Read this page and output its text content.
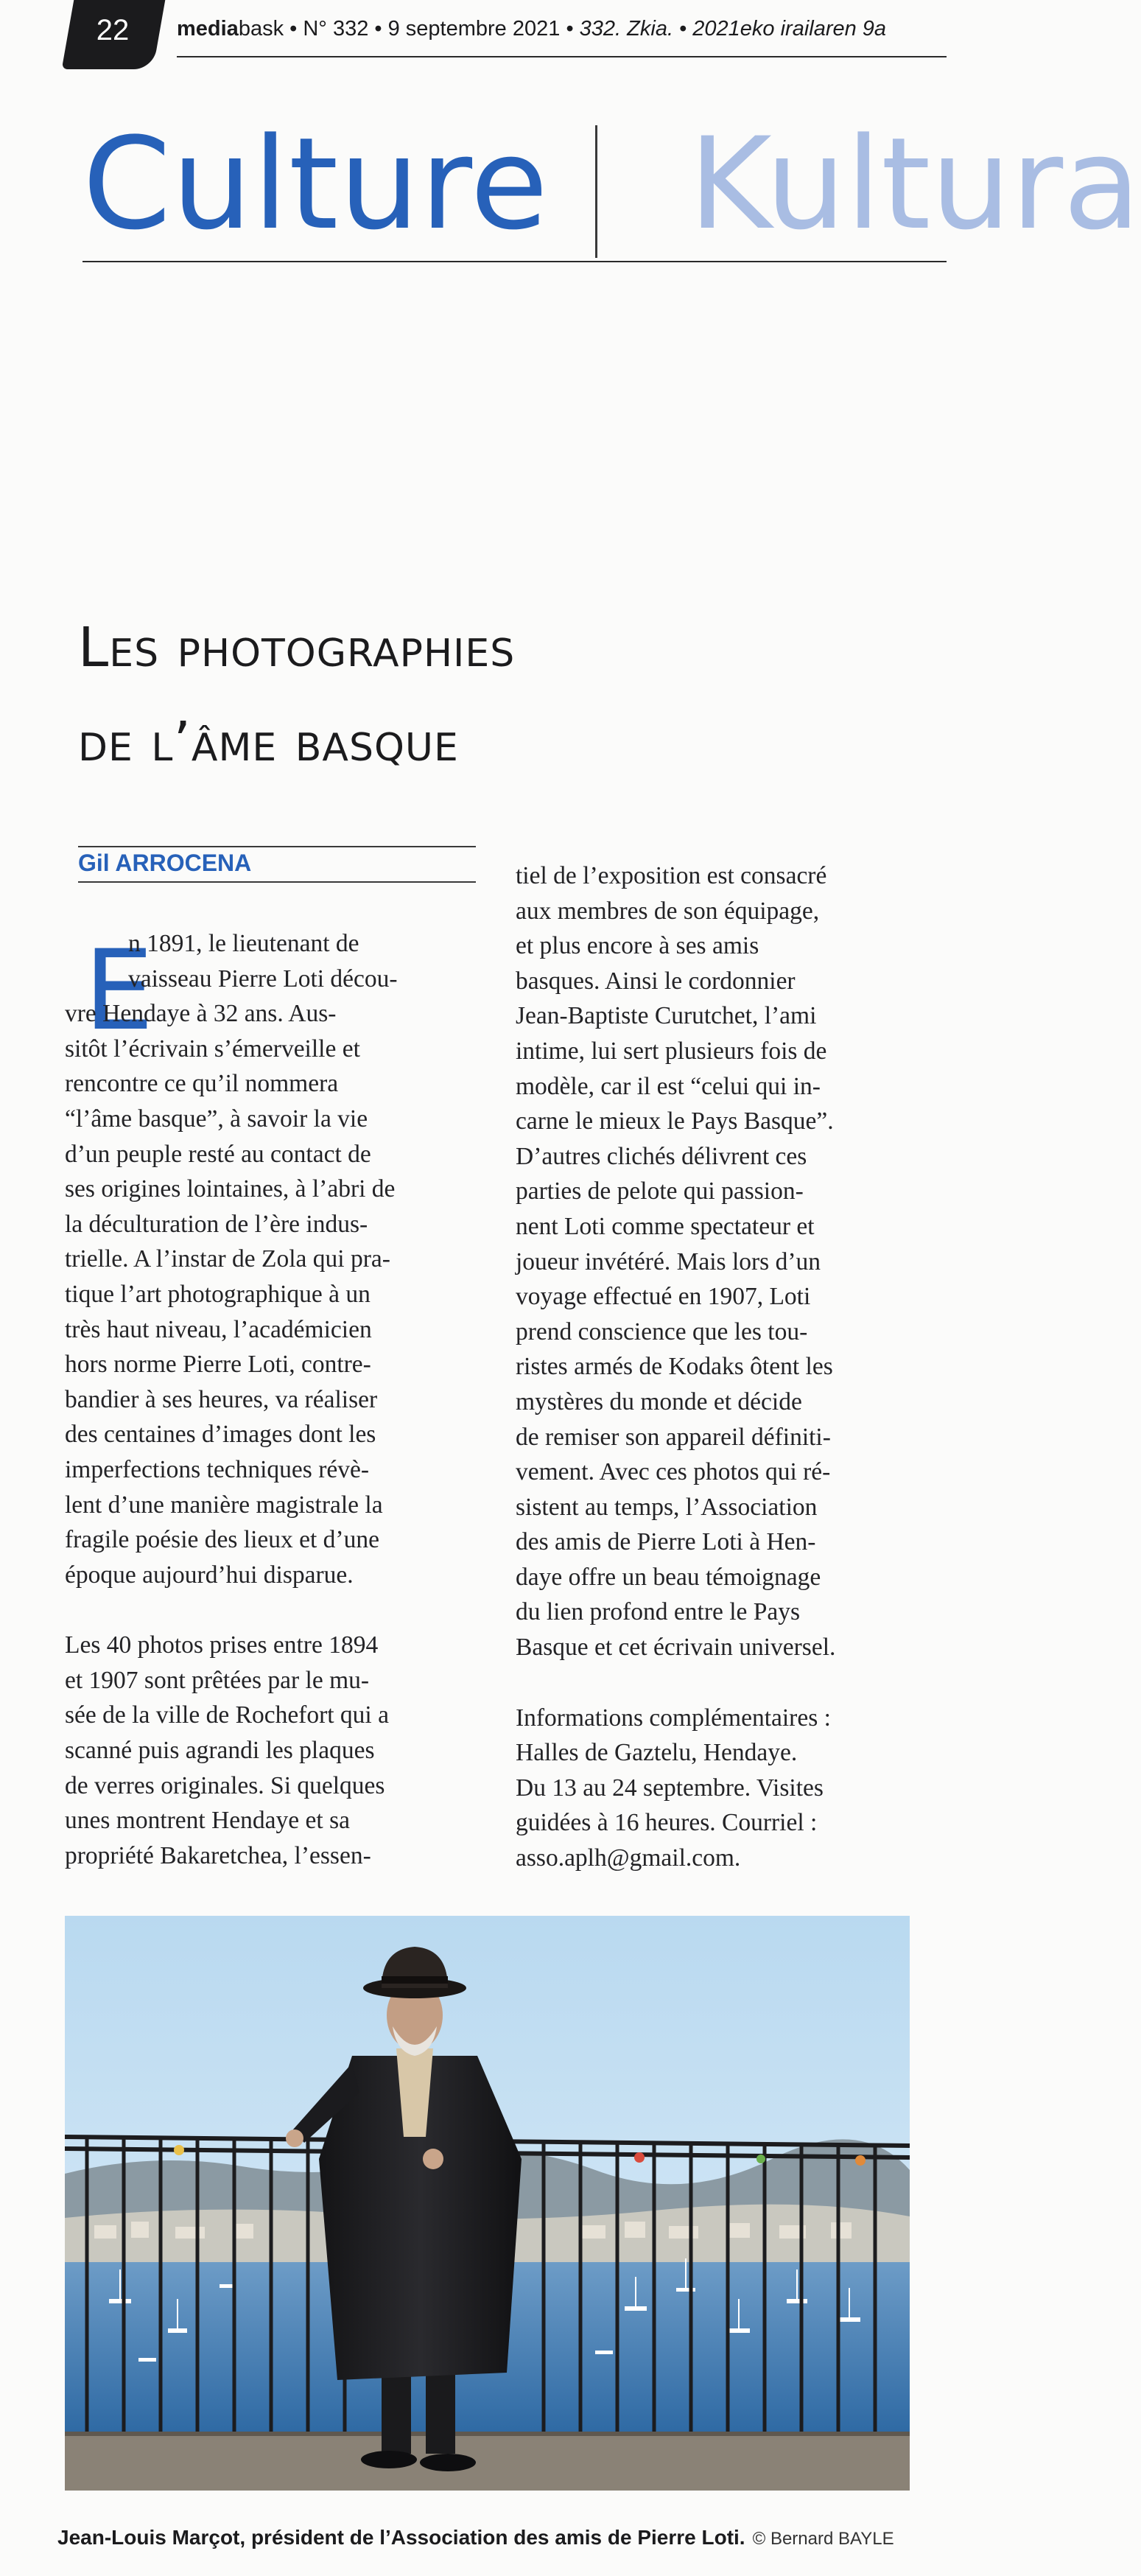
22	mediabask • N° 332 • 9 septembre 2021 • 332. Zkia. • 2021eko irailaren 9a
Culture Kultura
Les photographies
de l’âme basque
Gil ARROCENA
E
n 1891, le lieutenant de
vaisseau Pierre Loti décou-
vre Hendaye à 32 ans. Aus-
sitôt l’écrivain s’émerveille et
rencontre ce qu’il nommera
“l’âme basque”, à savoir la vie
d’un peuple resté au contact de
ses origines lointaines, à l’abri de
la déculturation de l’ère indus-
trielle. A l’instar de Zola qui pra-
tique l’art photographique à un
très haut niveau, l’académicien
hors norme Pierre Loti, contre-
bandier à ses heures, va réaliser
des centaines d’images dont les
imperfections techniques révè-
lent d’une manière magistrale la
fragile poésie des lieux et d’une
époque aujourd’hui disparue.
Les 40 photos prises entre 1894
et 1907 sont prêtées par le mu-
sée de la ville de Rochefort qui a
scanné puis agrandi les plaques
de verres originales. Si quelques
unes montrent Hendaye et sa
propriété Bakaretchea, l’essen-
tiel de l’exposition est consacré
aux membres de son équipage,
et plus encore à ses amis
basques. Ainsi le cordonnier
Jean-Baptiste Curutchet, l’ami
intime, lui sert plusieurs fois de
modèle, car il est “celui qui in-
carne le mieux le Pays Basque”.
D’autres clichés délivrent ces
parties de pelote qui passion-
nent Loti comme spectateur et
joueur invétéré. Mais lors d’un
voyage effectué en 1907, Loti
prend conscience que les tou-
ristes armés de Kodaks ôtent les
mystères du monde et décide
de remiser son appareil définiti-
vement. Avec ces photos qui ré-
sistent au temps, l’Association
des amis de Pierre Loti à Hen-
daye offre un beau témoignage
du lien profond entre le Pays
Basque et cet écrivain universel.
Informations complémentaires :
Halles de Gaztelu, Hendaye.
Du 13 au 24 septembre. Visites
guidées à 16 heures. Courriel :
asso.aplh@gmail.com.
Jean-Louis Marçot, président de l’Association des amis de Pierre Loti. © Bernard BAYLE
